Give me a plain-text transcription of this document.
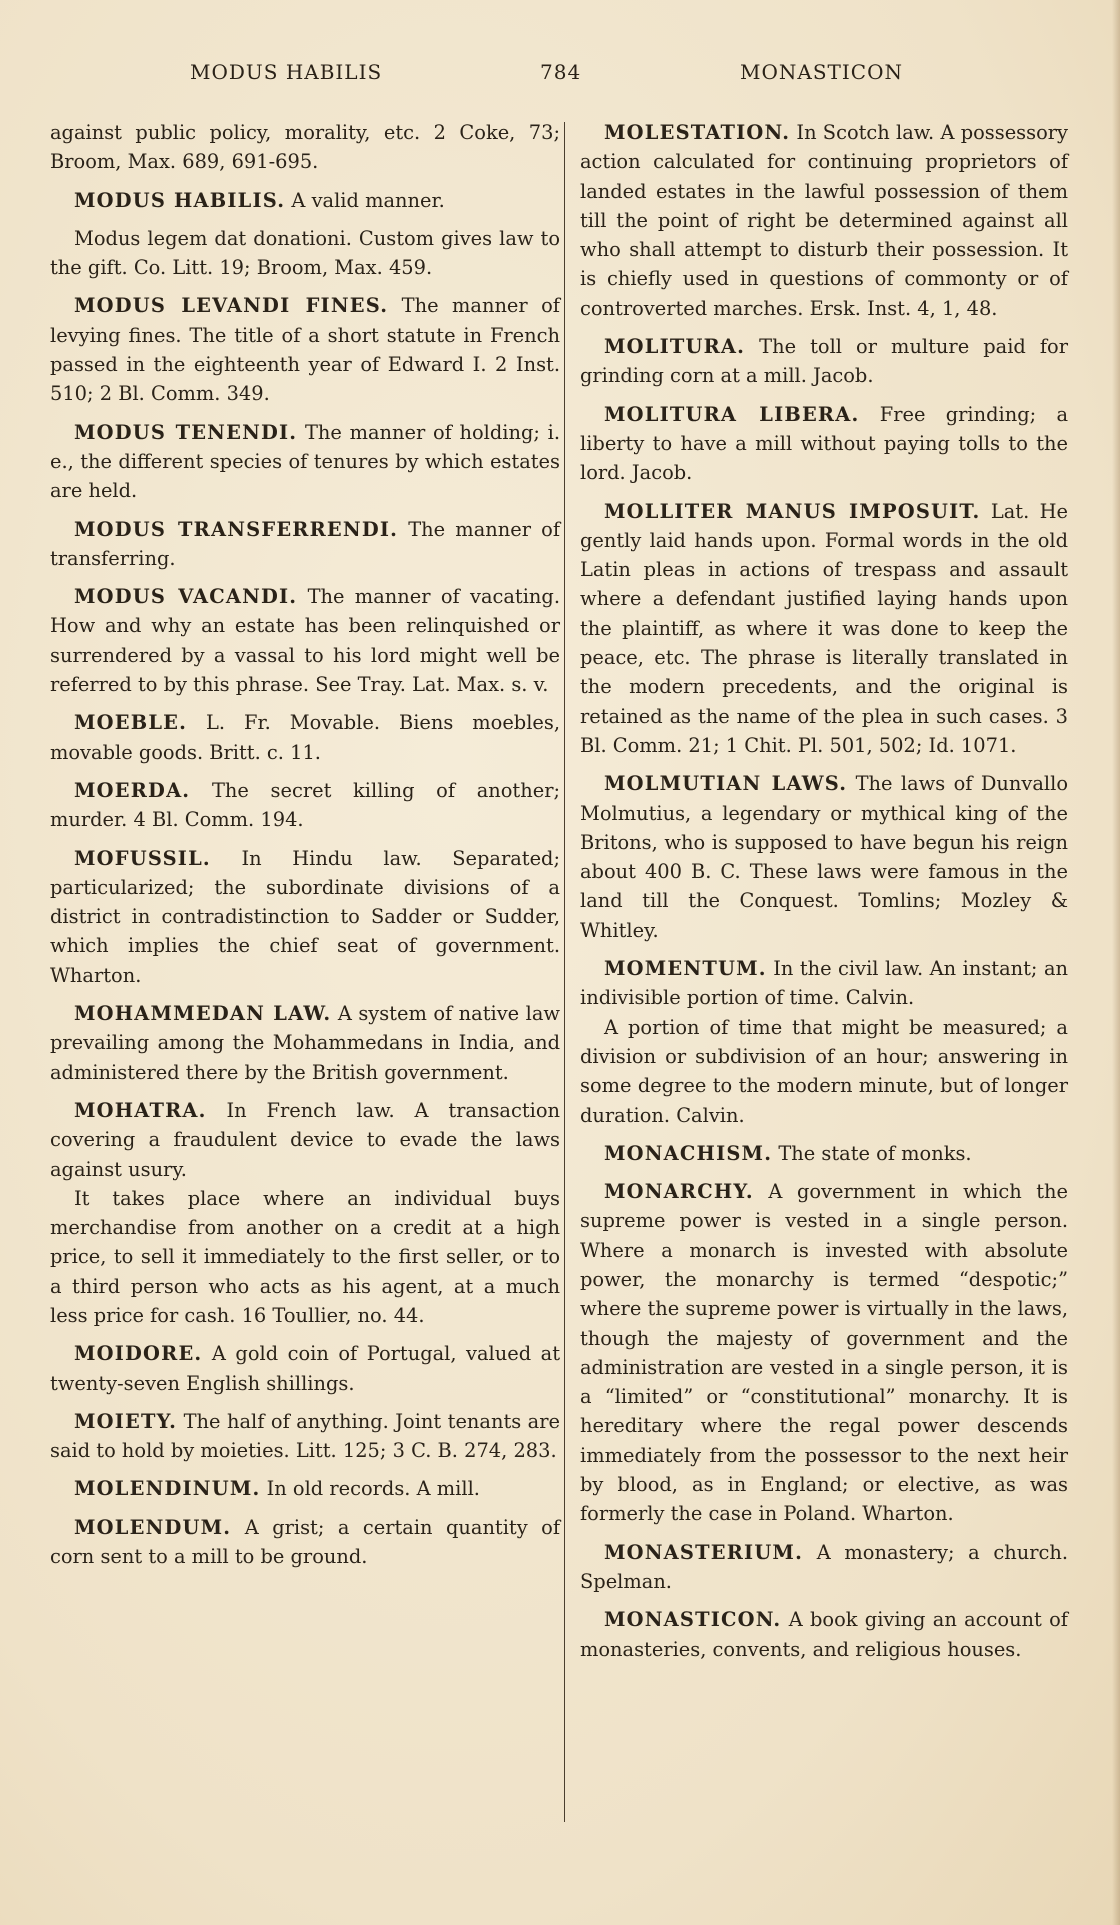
MODUS HABILIS	784	MONASTICON

against public policy, morality, etc. 2 Coke, 73; Broom, Max. 689, 691-695.

MODUS HABILIS. A valid manner.

Modus legem dat donationi. Custom gives law to the gift. Co. Litt. 19; Broom, Max. 459.

MODUS LEVANDI FINES. The manner of levying fines. The title of a short statute in French passed in the eighteenth year of Edward I. 2 Inst. 510; 2 Bl. Comm. 349.

MODUS TENENDI. The manner of holding; i. e., the different species of tenures by which estates are held.

MODUS TRANSFERRENDI. The manner of transferring.

MODUS VACANDI. The manner of vacating. How and why an estate has been relinquished or surrendered by a vassal to his lord might well be referred to by this phrase. See Tray. Lat. Max. s. v.

MOEBLE. L. Fr. Movable. Biens moebles, movable goods. Britt. c. 11.

MOERDA. The secret killing of another; murder. 4 Bl. Comm. 194.

MOFUSSIL. In Hindu law. Separated; particularized; the subordinate divisions of a district in contradistinction to Sadder or Sudder, which implies the chief seat of government. Wharton.

MOHAMMEDAN LAW. A system of native law prevailing among the Mohammedans in India, and administered there by the British government.

MOHATRA. In French law. A transaction covering a fraudulent device to evade the laws against usury.

It takes place where an individual buys merchandise from another on a credit at a high price, to sell it immediately to the first seller, or to a third person who acts as his agent, at a much less price for cash. 16 Toullier, no. 44.

MOIDORE. A gold coin of Portugal, valued at twenty-seven English shillings.

MOIETY. The half of anything. Joint tenants are said to hold by moieties. Litt. 125; 3 C. B. 274, 283.

MOLENDINUM. In old records. A mill.

MOLENDUM. A grist; a certain quantity of corn sent to a mill to be ground.

MOLESTATION. In Scotch law. A possessory action calculated for continuing proprietors of landed estates in the lawful possession of them till the point of right be determined against all who shall attempt to disturb their possession. It is chiefly used in questions of commonty or of controverted marches. Ersk. Inst. 4, 1, 48.

MOLITURA. The toll or multure paid for grinding corn at a mill. Jacob.

MOLITURA LIBERA. Free grinding; a liberty to have a mill without paying tolls to the lord. Jacob.

MOLLITER MANUS IMPOSUIT. Lat. He gently laid hands upon. Formal words in the old Latin pleas in actions of trespass and assault where a defendant justified laying hands upon the plaintiff, as where it was done to keep the peace, etc. The phrase is literally translated in the modern precedents, and the original is retained as the name of the plea in such cases. 3 Bl. Comm. 21; 1 Chit. Pl. 501, 502; Id. 1071.

MOLMUTIAN LAWS. The laws of Dunvallo Molmutius, a legendary or mythical king of the Britons, who is supposed to have begun his reign about 400 B. C. These laws were famous in the land till the Conquest. Tomlins; Mozley & Whitley.

MOMENTUM. In the civil law. An instant; an indivisible portion of time. Calvin.

A portion of time that might be measured; a division or subdivision of an hour; answering in some degree to the modern minute, but of longer duration. Calvin.

MONACHISM. The state of monks.

MONARCHY. A government in which the supreme power is vested in a single person. Where a monarch is invested with absolute power, the monarchy is termed “despotic;” where the supreme power is virtually in the laws, though the majesty of government and the administration are vested in a single person, it is a “limited” or “constitutional” monarchy. It is hereditary where the regal power descends immediately from the possessor to the next heir by blood, as in England; or elective, as was formerly the case in Poland. Wharton.

MONASTERIUM. A monastery; a church. Spelman.

MONASTICON. A book giving an account of monasteries, convents, and religious houses.
